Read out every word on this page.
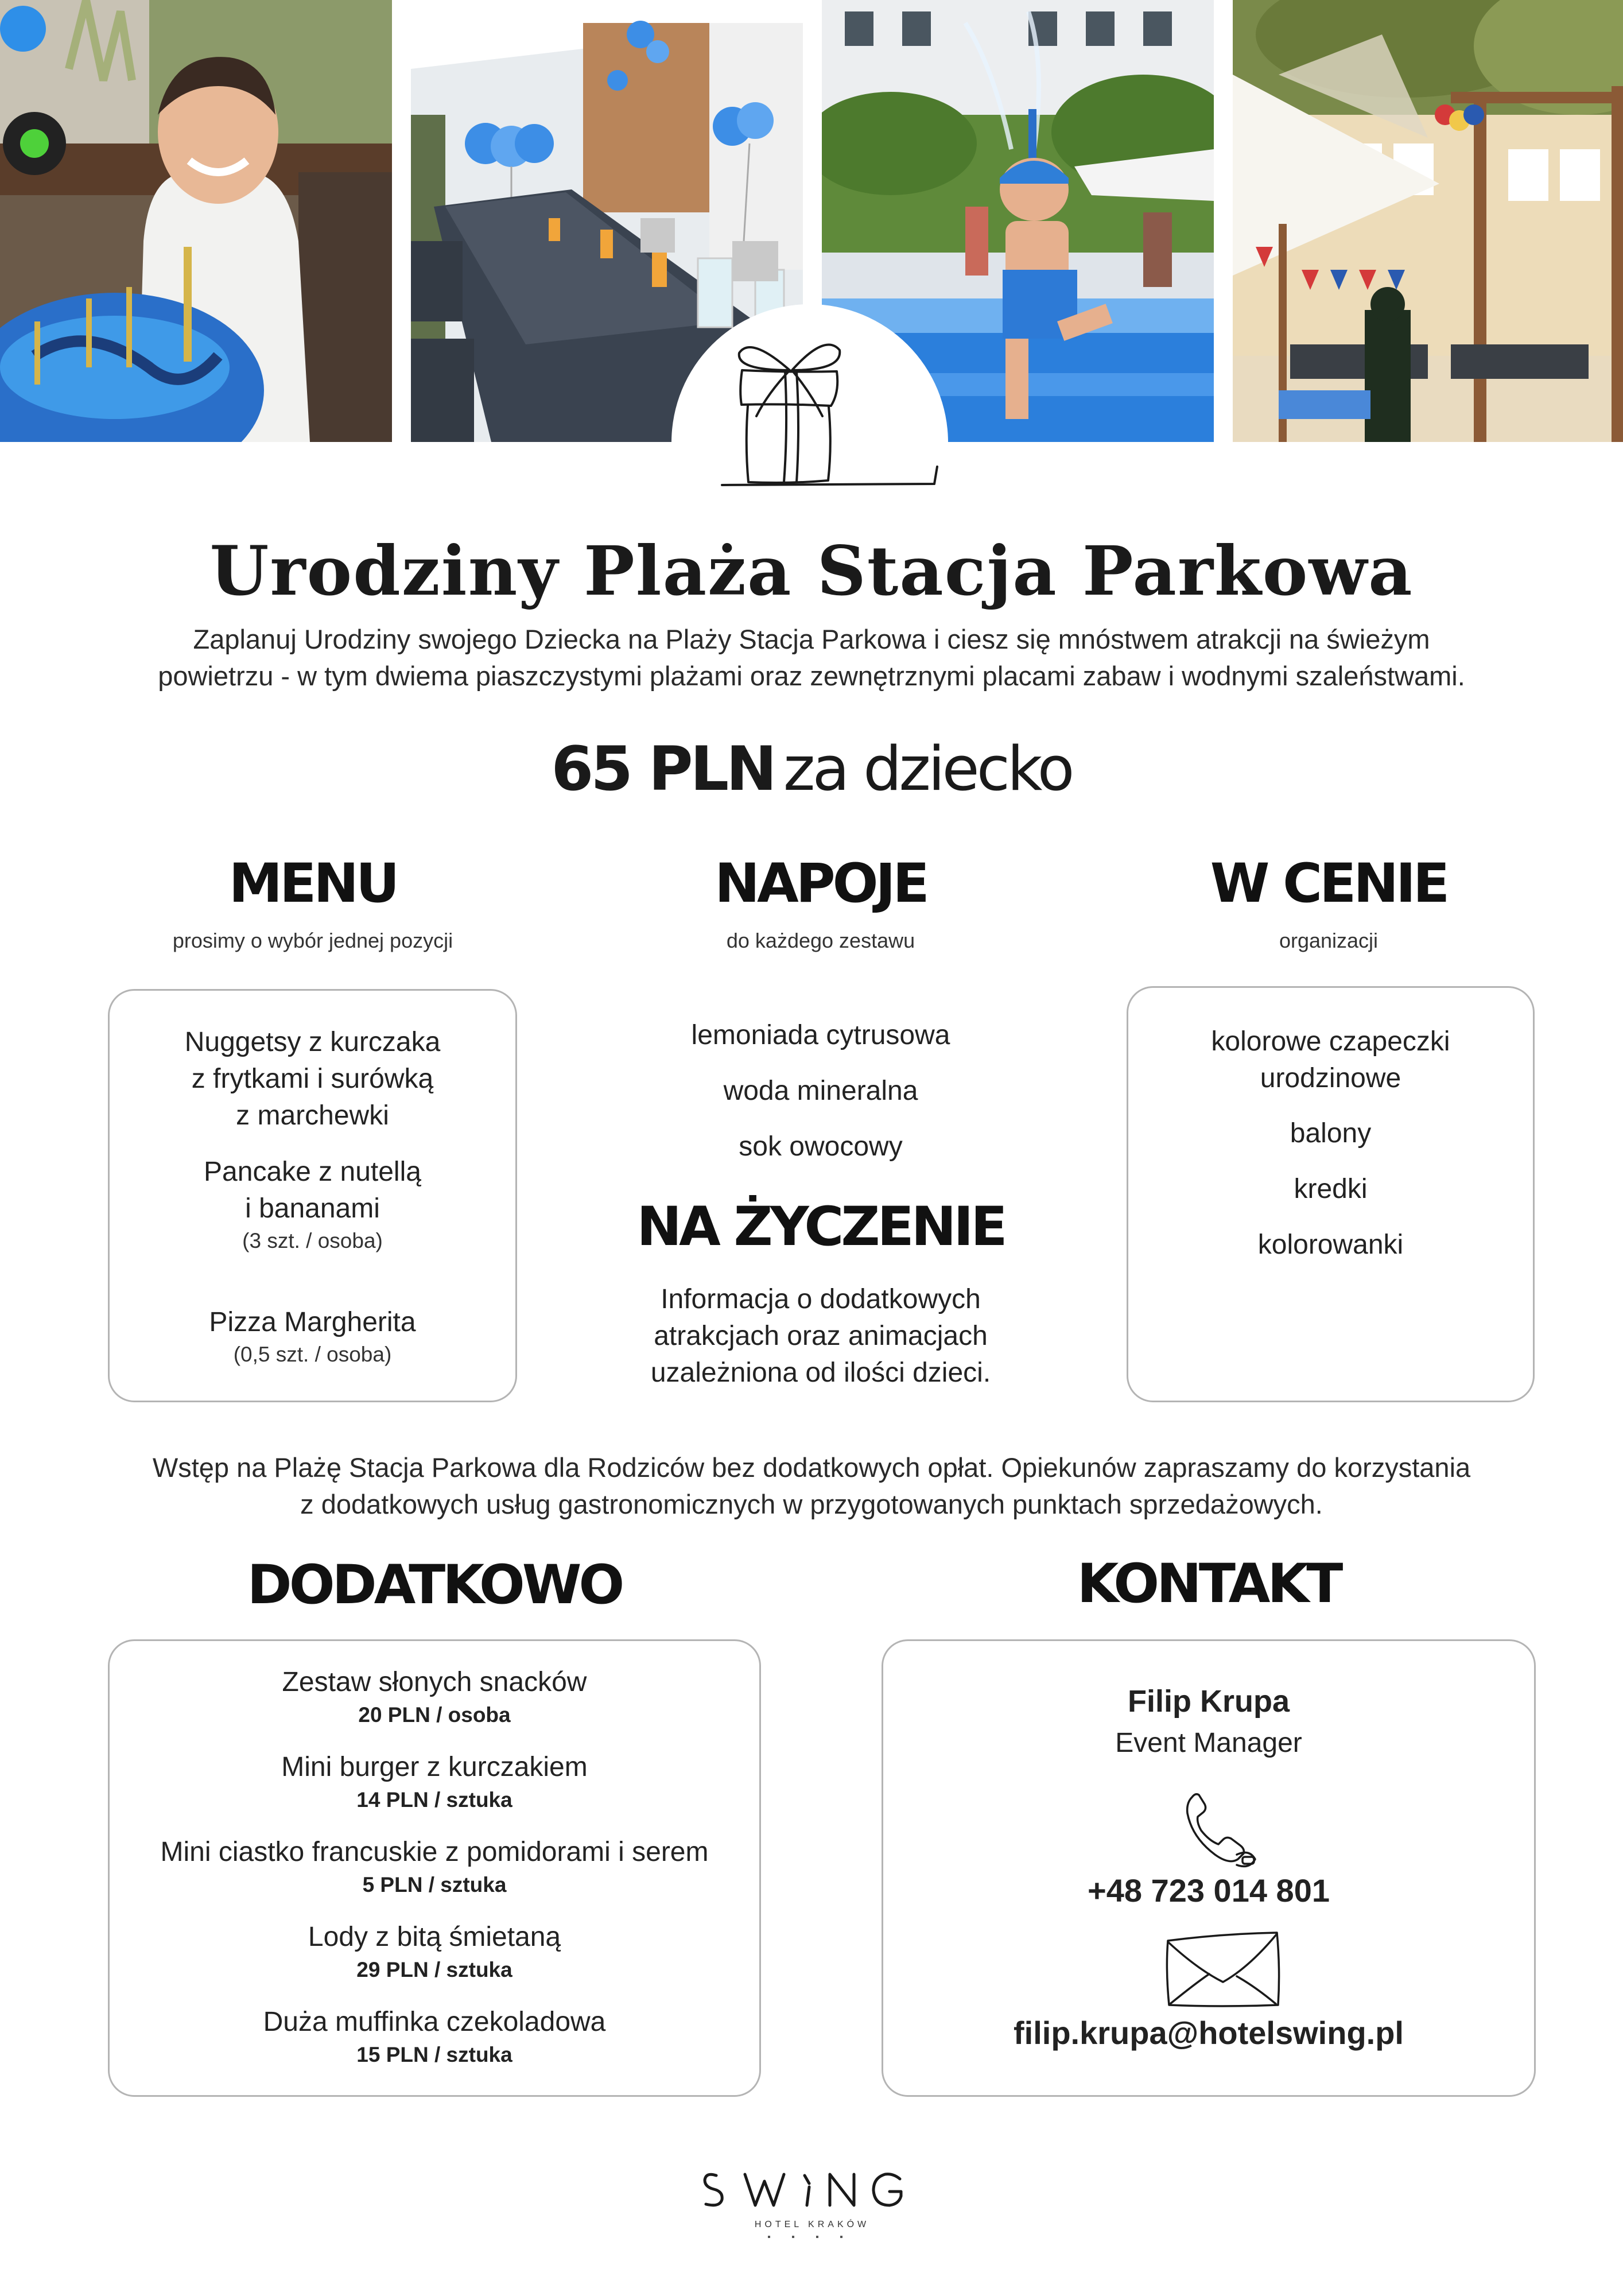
Urodziny Plaża Stacja Parkowa
Zaplanuj Urodziny swojego Dziecka na Plaży Stacja Parkowa i ciesz się mnóstwem atrakcji na świeżym
powietrzu - w tym dwiema piaszczystymi plażami oraz zewnętrznymi placami zabaw i wodnymi szaleństwami.
65 PLN za dziecko
MENU
prosimy o wybór jednej pozycji
NAPOJE
do każdego zestawu
W CENIE
organizacji
Nuggetsy z kurczaka
z frytkami i surówką
z marchewki
Pancake z nutellą
i bananami
(3 szt. / osoba)
Pizza Margherita
(0,5 szt. / osoba)
lemoniada cytrusowa
woda mineralna
sok owocowy
NA ŻYCZENIE
Informacja o dodatkowych
atrakcjach oraz animacjach
uzależniona od ilości dzieci.
kolorowe czapeczki
urodzinowe
balony
kredki
kolorowanki
Wstęp na Plażę Stacja Parkowa dla Rodziców bez dodatkowych opłat. Opiekunów zapraszamy do korzystania
z dodatkowych usług gastronomicznych w przygotowanych punktach sprzedażowych.
DODATKOWO
Zestaw słonych snacków
20 PLN / osoba
Mini burger z kurczakiem
14 PLN / sztuka
Mini ciastko francuskie z pomidorami i serem
5 PLN / sztuka
Lody z bitą śmietaną
29 PLN / sztuka
Duża muffinka czekoladowa
15 PLN / sztuka
KONTAKT
Filip Krupa
Event Manager
+48 723 014 801
filip.krupa@hotelswing.pl
HOTEL KRAKÓW
